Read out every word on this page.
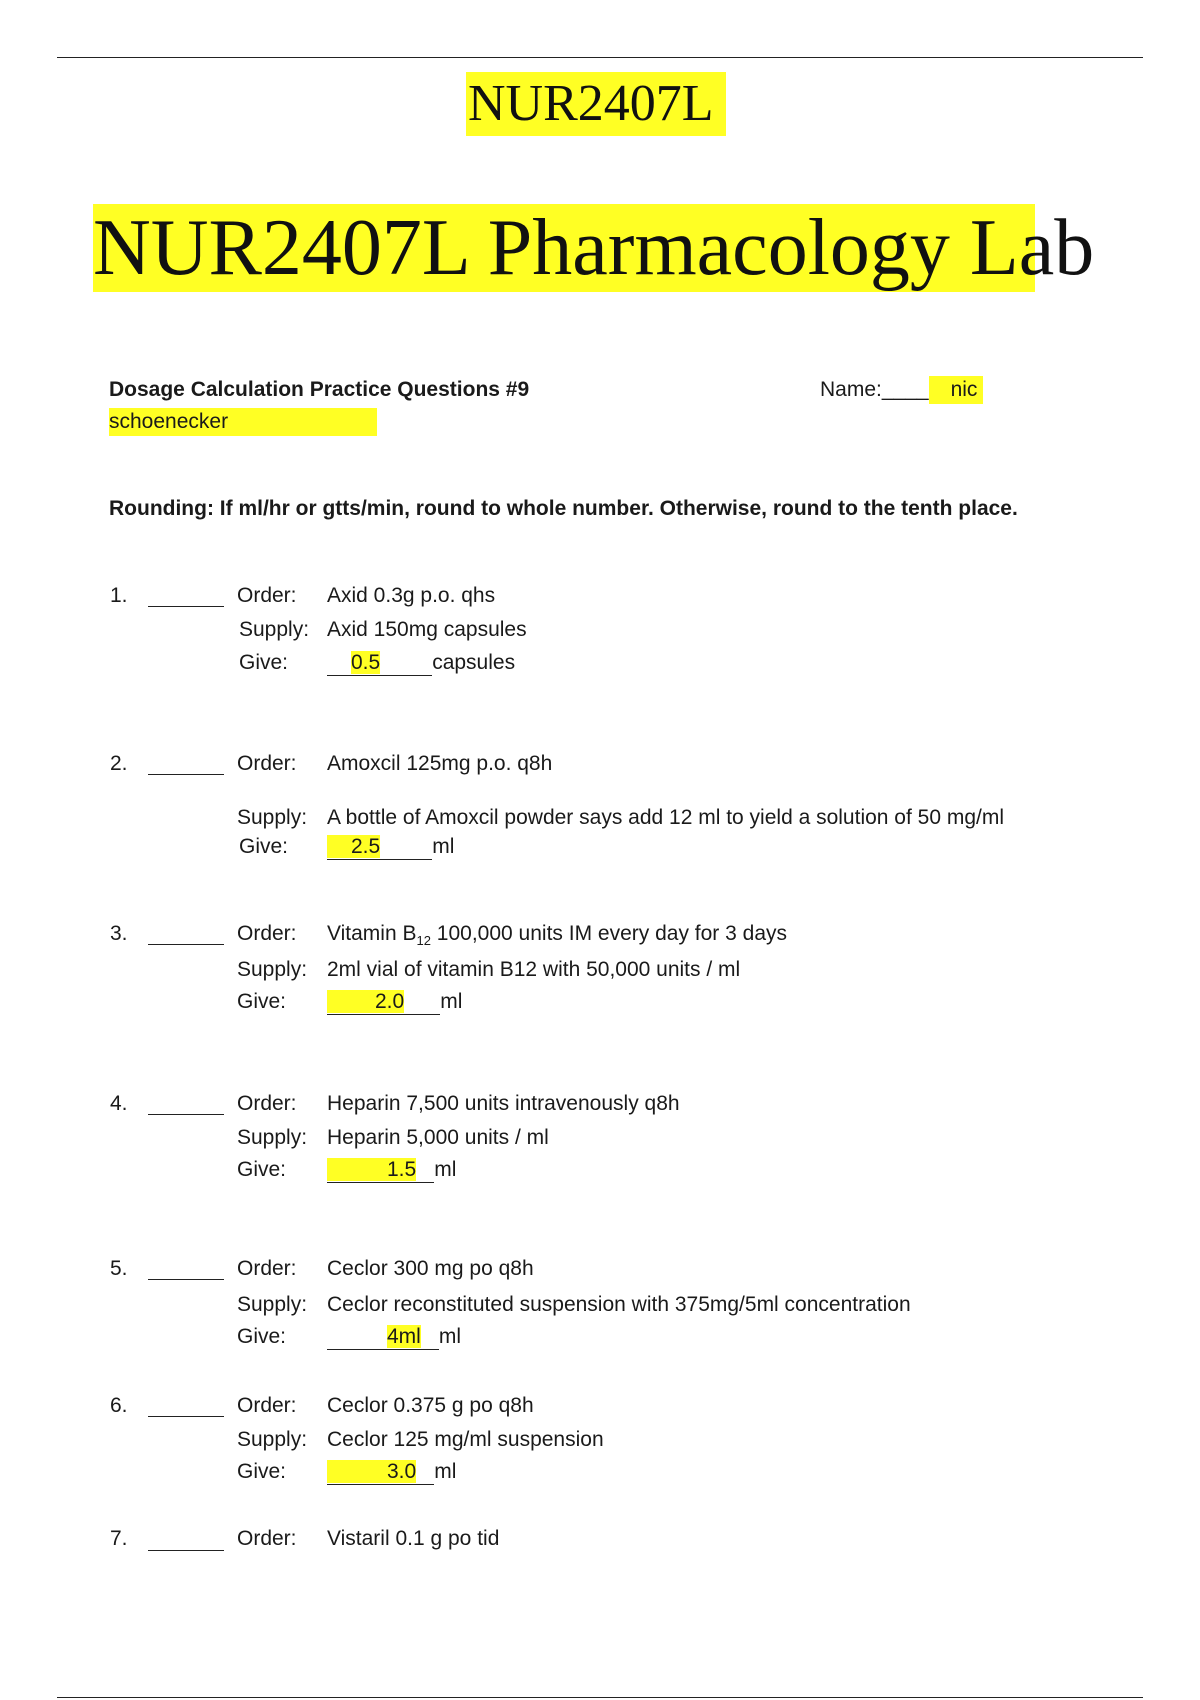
NUR2407L
NUR2407L Pharmacology Lab
Dosage Calculation Practice Questions #9	Name:____ nic
schoenecker
Rounding: If ml/hr or gtts/min, round to whole number. Otherwise, round to the tenth place.
1.	Order: Axid 0.3g p.o. qhs
Supply: Axid 150mg capsules
Give:	0.5 capsules
2.	Order: Amoxcil 125mg p.o. q8h
Supply: A bottle of Amoxcil powder says add 12 ml to yield a solution of 50 mg/ml
Give:	2.5 ml
3.	Order: Vitamin $B_{12}$ 100,000 units IM every day for 3 days
Supply: 2ml vial of vitamin B12 with 50,000 units / ml
Give:	2.0 ml
4.	Order: Heparin 7,500 units intravenously q8h
Supply: Heparin 5,000 units / ml
Give:	1.5 ml
5.	Order: Ceclor 300 mg po q8h
Supply: Ceclor reconstituted suspension with 375mg/5ml concentration
Give:	4ml ml
6.	Order: Ceclor 0.375 g po q8h
Supply: Ceclor 125 mg/ml suspension
Give:	3.0 ml
7.	Order: Vistaril 0.1 g po tid
